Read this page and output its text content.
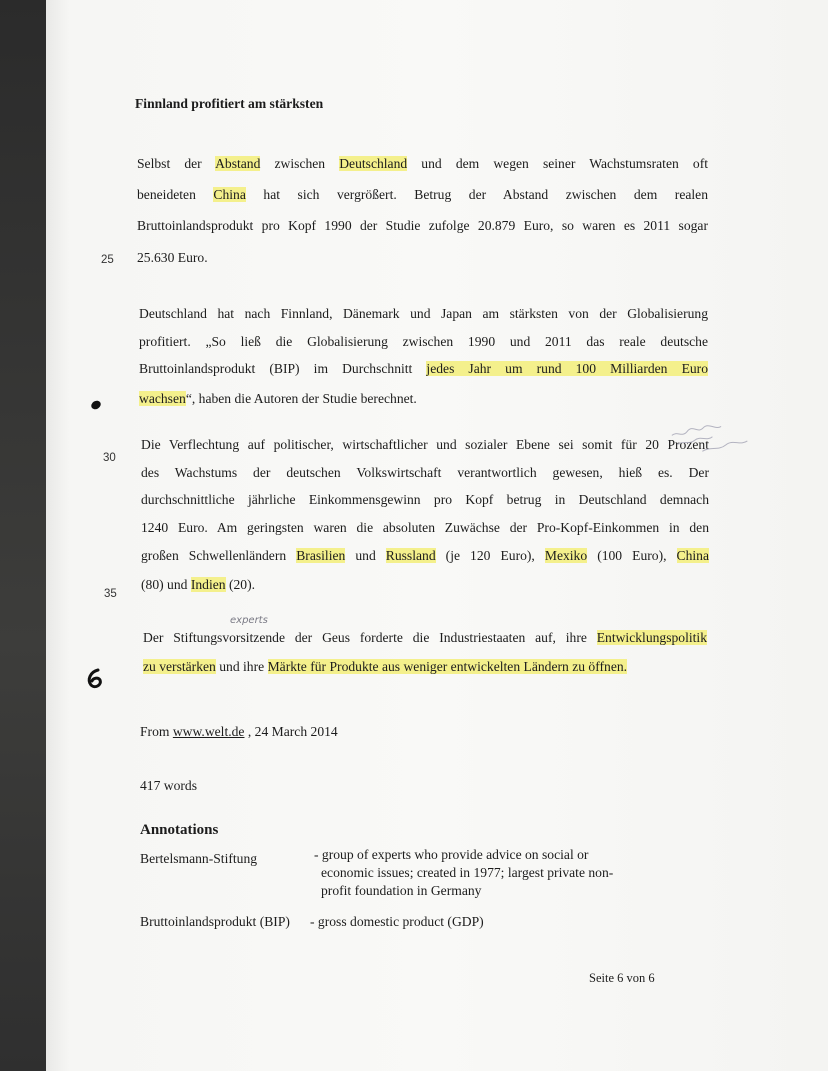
Finnland profitiert am stärksten
Selbst der Abstand zwischen Deutschland und dem wegen seiner Wachstumsraten oft
beneideten China hat sich vergrößert. Betrug der Abstand zwischen dem realen
Bruttoinlandsprodukt pro Kopf 1990 der Studie zufolge 20.879 Euro, so waren es 2011 sogar
25.630 Euro.
Deutschland hat nach Finnland, Dänemark und Japan am stärksten von der Globalisierung
profitiert. „So ließ die Globalisierung zwischen 1990 und 2011 das reale deutsche
Bruttoinlandsprodukt (BIP) im Durchschnitt jedes Jahr um rund 100 Milliarden Euro
wachsen“, haben die Autoren der Studie berechnet.
Die Verflechtung auf politischer, wirtschaftlicher und sozialer Ebene sei somit für 20 Prozent
des Wachstums der deutschen Volkswirtschaft verantwortlich gewesen, hieß es. Der
durchschnittliche jährliche Einkommensgewinn pro Kopf betrug in Deutschland demnach
1240 Euro. Am geringsten waren die absoluten Zuwächse der Pro-Kopf-Einkommen in den
großen Schwellenländern Brasilien und Russland (je 120 Euro), Mexiko (100 Euro), China
(80) und Indien (20).
Der Stiftungsvorsitzende der Geus forderte die Industriestaaten auf, ihre Entwicklungspolitik
zu verstärken und ihre Märkte für Produkte aus weniger entwickelten Ländern zu öffnen.
25
30
35
experts
From www.welt.de , 24 March 2014
417 words
Annotations
Bertelsmann-Stiftung	- group of experts who provide advice on social or
economic issues; created in 1977; largest private non-
profit foundation in Germany
Bruttoinlandsprodukt (BIP) - gross domestic product (GDP)
Seite 6 von 6
